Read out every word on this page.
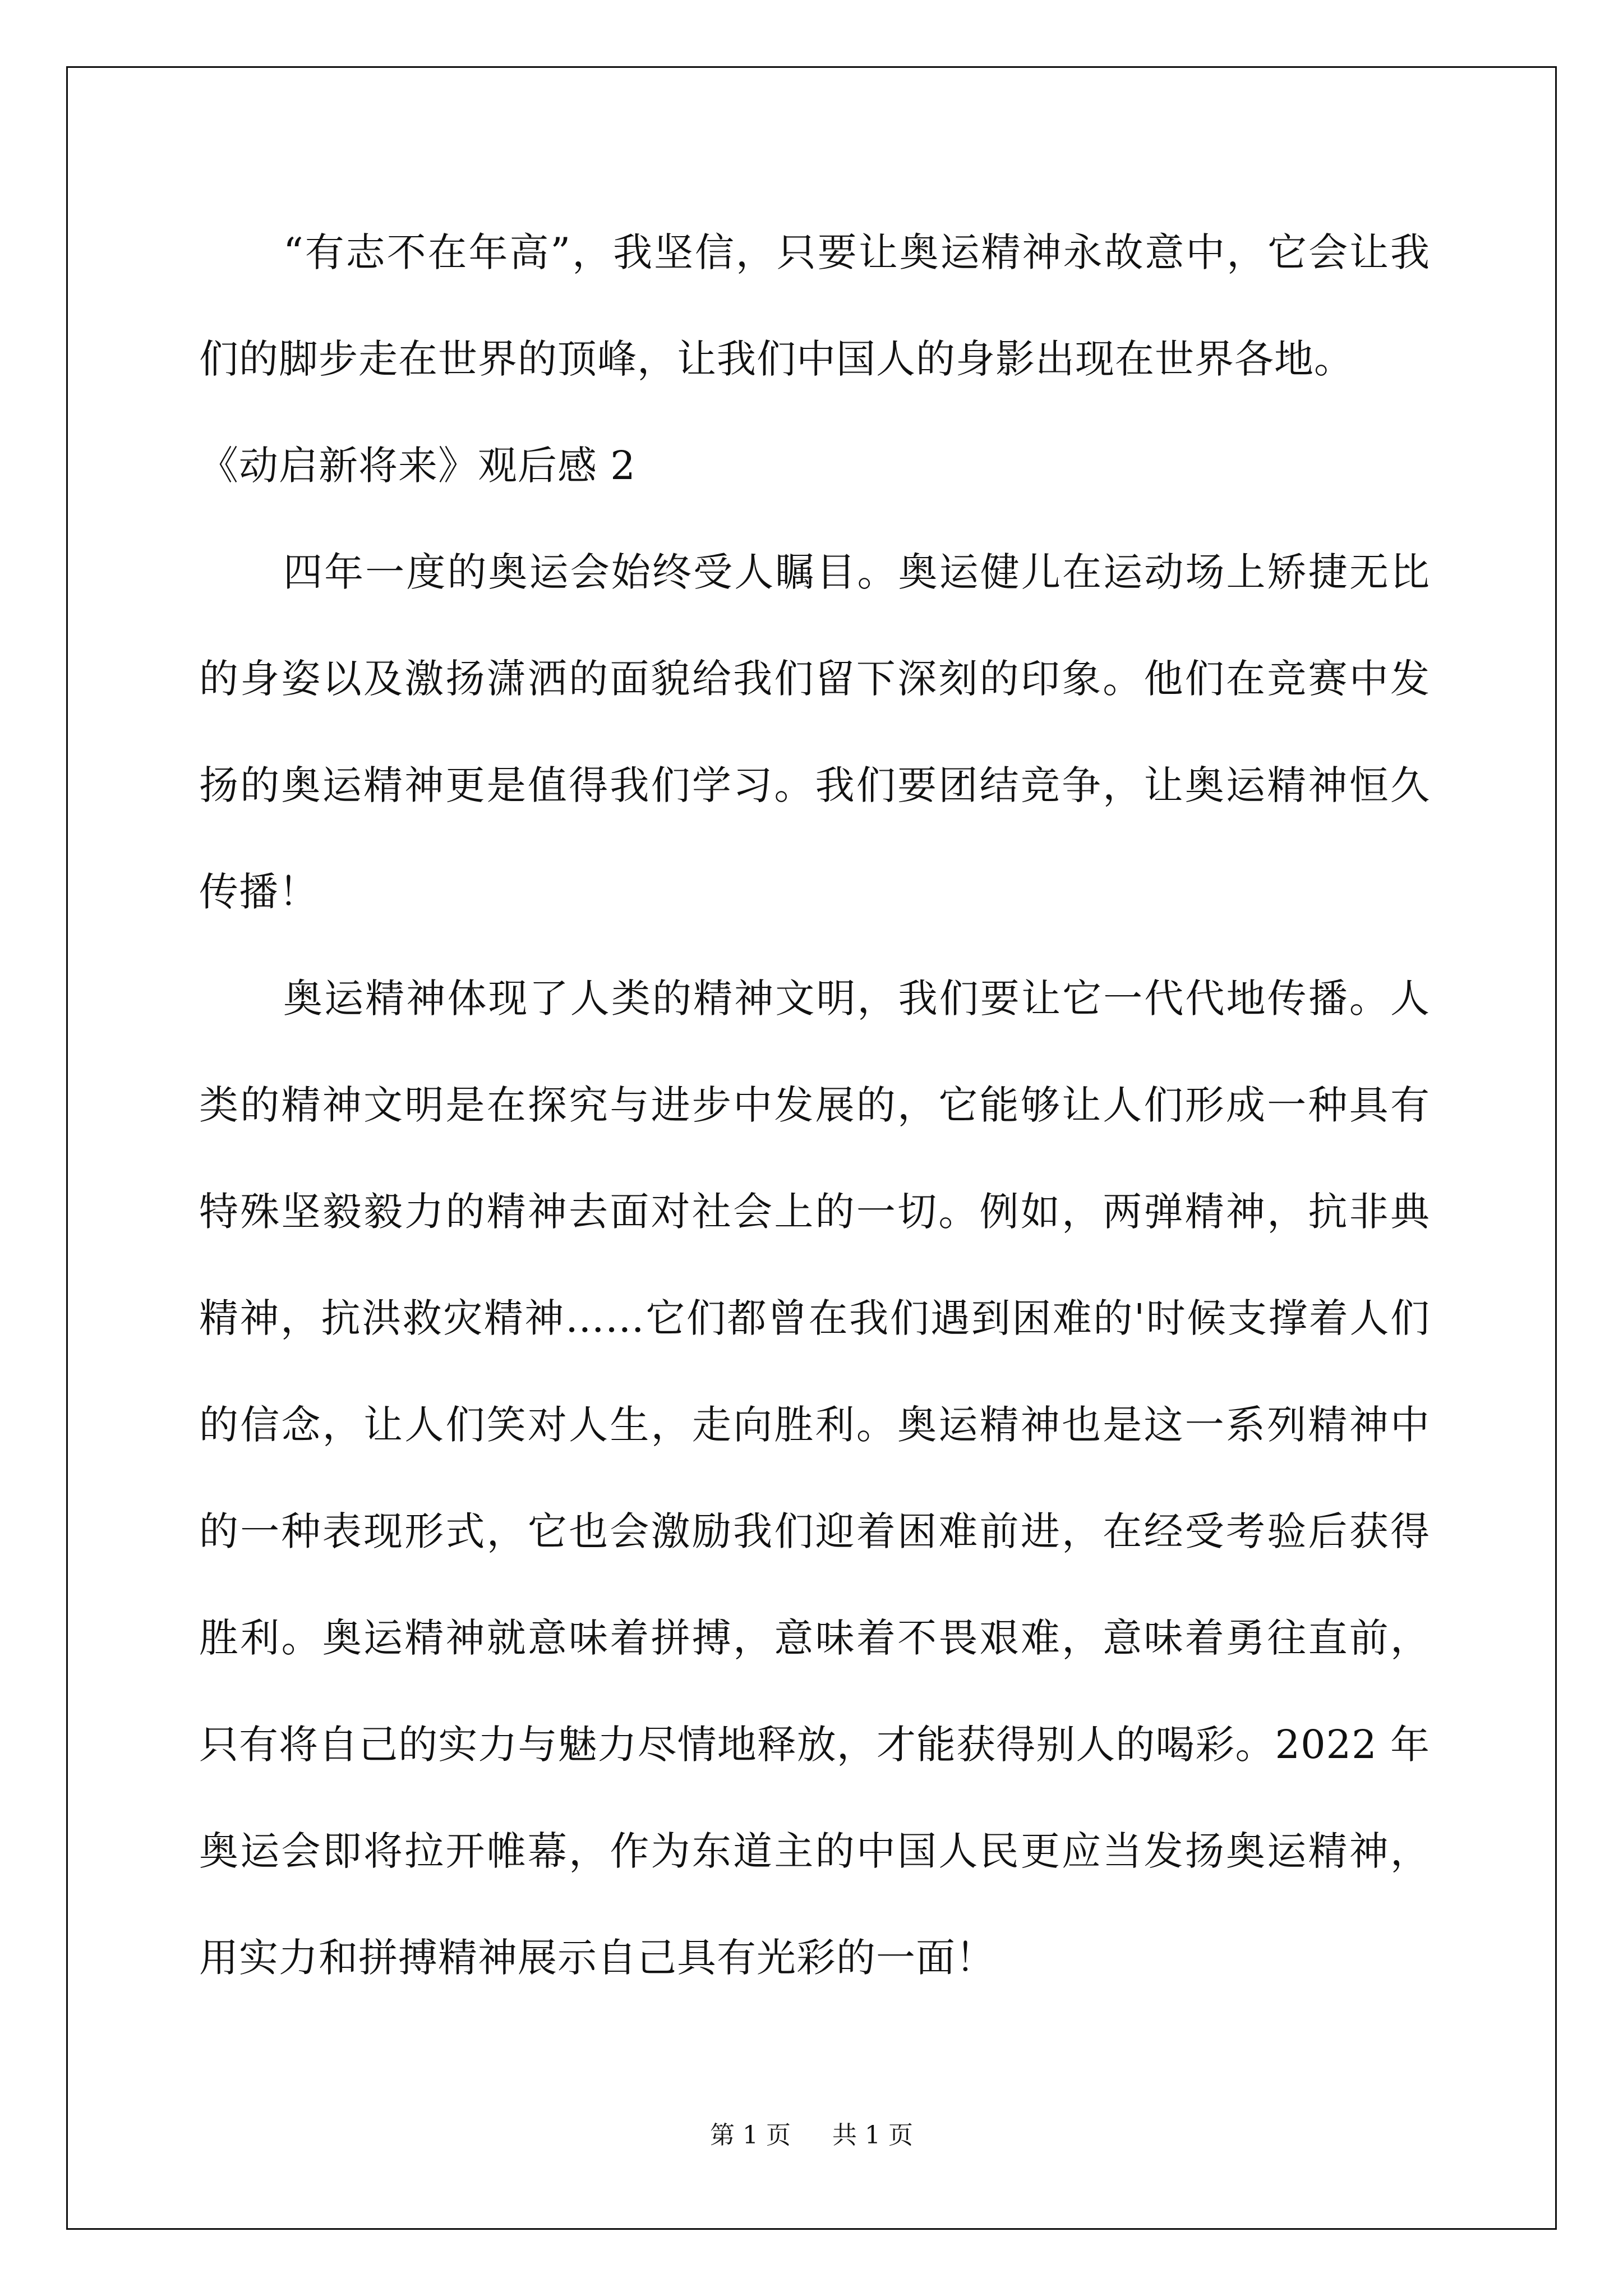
“有志不在年高”，我坚信，只要让奥运精神永故意中，它会让我们的脚步走在世界的顶峰，让我们中国人的身影出现在世界各地。

《动启新将来》观后感 2

四年一度的奥运会始终受人瞩目。奥运健儿在运动场上矫捷无比的身姿以及激扬潇洒的面貌给我们留下深刻的印象。他们在竞赛中发扬的奥运精神更是值得我们学习。我们要团结竞争，让奥运精神恒久传播！

奥运精神体现了人类的精神文明，我们要让它一代代地传播。人类的精神文明是在探究与进步中发展的，它能够让人们形成一种具有特殊坚毅毅力的精神去面对社会上的一切。例如，两弹精神，抗非典精神，抗洪救灾精神……它们都曾在我们遇到困难的'时候支撑着人们的信念，让人们笑对人生，走向胜利。奥运精神也是这一系列精神中的一种表现形式，它也会激励我们迎着困难前进，在经受考验后获得胜利。奥运精神就意味着拼搏，意味着不畏艰难，意味着勇往直前，只有将自己的实力与魅力尽情地释放，才能获得别人的喝彩。2022 年奥运会即将拉开帷幕，作为东道主的中国人民更应当发扬奥运精神，用实力和拼搏精神展示自己具有光彩的一面！

第 1 页 共 1 页
